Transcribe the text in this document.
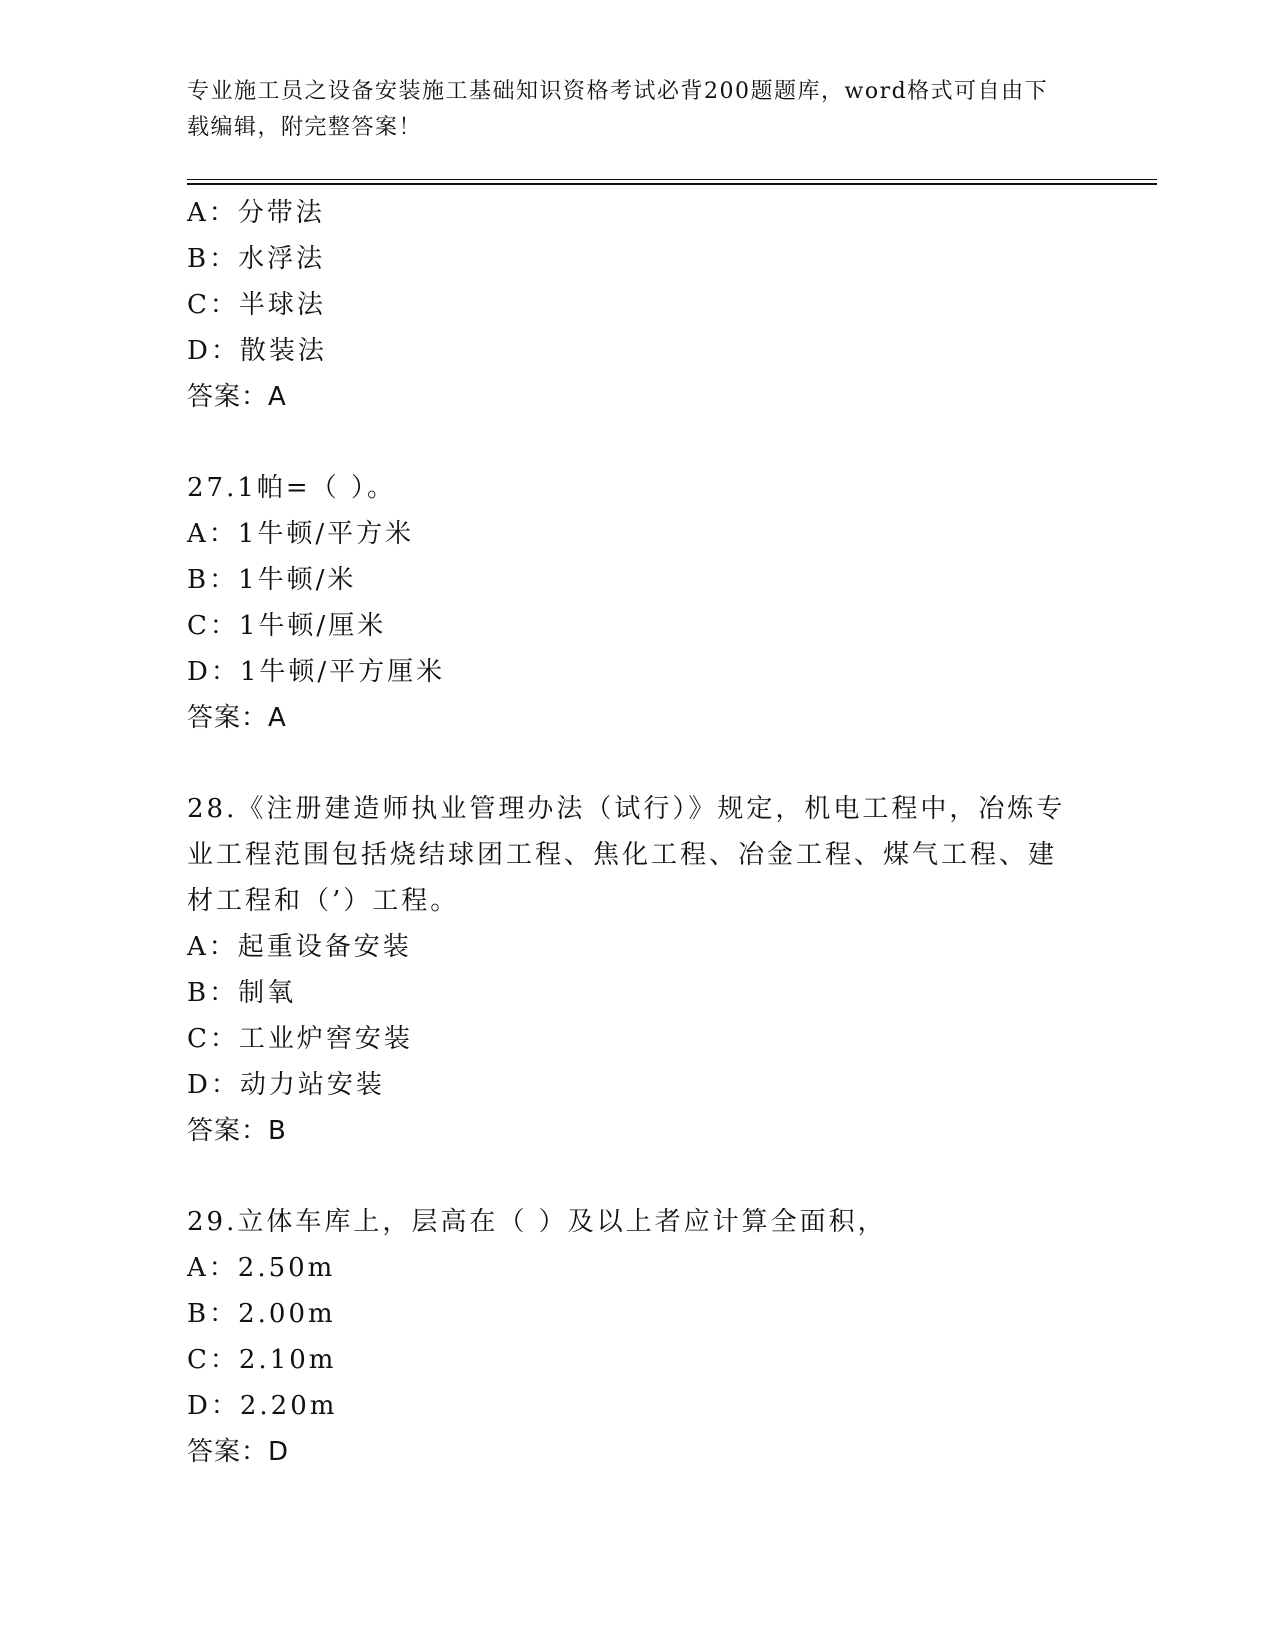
专业施工员之设备安装施工基础知识资格考试必背200题题库，word格式可自由下载编辑，附完整答案！
A：分带法
B：水浮法
C：半球法
D：散装法
答案：A
27.1帕=（ ）。
A：1牛顿/平方米
B：1牛顿/米
C：1牛顿/厘米
D：1牛顿/平方厘米
答案：A
28.《注册建造师执业管理办法（试行）》规定，机电工程中，冶炼专业工程范围包括烧结球团工程、焦化工程、冶金工程、煤气工程、建材工程和（’）工程。
A：起重设备安装
B：制氧
C：工业炉窖安装
D：动力站安装
答案：B
29.立体车库上，层高在（ ）及以上者应计算全面积，
A：2.50m
B：2.00m
C：2.10m
D：2.20m
答案：D
